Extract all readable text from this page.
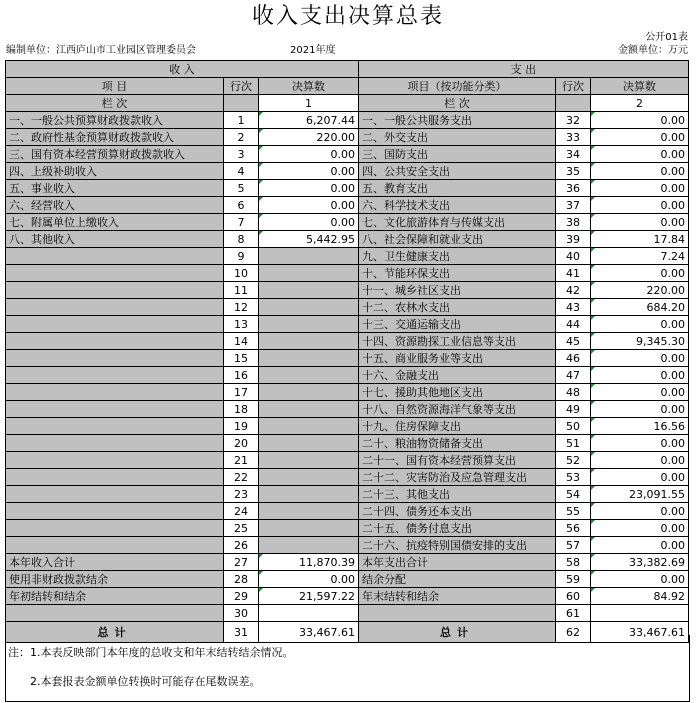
收入支出决算总表
公开01表
编制单位：江西庐山市工业园区管理委员会	2021年度	金额单位：万元
收 入			支 出		
项 目	行次	决算数	项目（按功能分类）	行次	决算数
栏 次		1	栏 次		2
一、一般公共预算财政拨款收入	1	6,207.44	一、一般公共服务支出	32	0.00

二、政府性基金预算财政拨款收入	2	220.00	二、外交支出	33	0.00

三、国有资本经营预算财政拨款收入	3	0.00	三、国防支出	34	0.00

四、上级补助收入	4	0.00	四、公共安全支出	35	0.00

五、事业收入	5	0.00	五、教育支出	36	0.00

六、经营收入	6	0.00	六、科学技术支出	37	0.00

七、附属单位上缴收入	7	0.00	七、文化旅游体育与传媒支出	38	0.00

八、其他收入	8	5,442.95	八、社会保障和就业支出	39	17.84

	9		九、卫生健康支出	40	7.24

	10		十、节能环保支出	41	0.00

	11		十一、城乡社区支出	42	220.00

	12		十二、农林水支出	43	684.20

	13		十三、交通运输支出	44	0.00

	14		十四、资源勘探工业信息等支出	45	9,345.30

	15		十五、商业服务业等支出	46	0.00

	16		十六、金融支出	47	0.00

	17		十七、援助其他地区支出	48	0.00

	18		十八、自然资源海洋气象等支出	49	0.00

	19		十九、住房保障支出	50	16.56

	20		二十、粮油物资储备支出	51	0.00

	21		二十一、国有资本经营预算支出	52	0.00

	22		二十二、灾害防治及应急管理支出	53	0.00

	23		二十三、其他支出	54	23,091.55

	24		二十四、债务还本支出	55	0.00

	25		二十五、债务付息支出	56	0.00

	26		二十六、抗疫特别国债安排的支出	57	0.00

本年收入合计	27	11,870.39	本年支出合计	58	33,382.69

使用非财政拨款结余	28	0.00	结余分配	59	0.00

年初结转和结余	29	21,597.22	年末结转和结余	60	84.92

	30			61	
总计	31	33,467.61	总计	62	33,467.61
注：1.本表反映部门本年度的总收支和年末结转结余情况。
2.本套报表金额单位转换时可能存在尾数误差。
